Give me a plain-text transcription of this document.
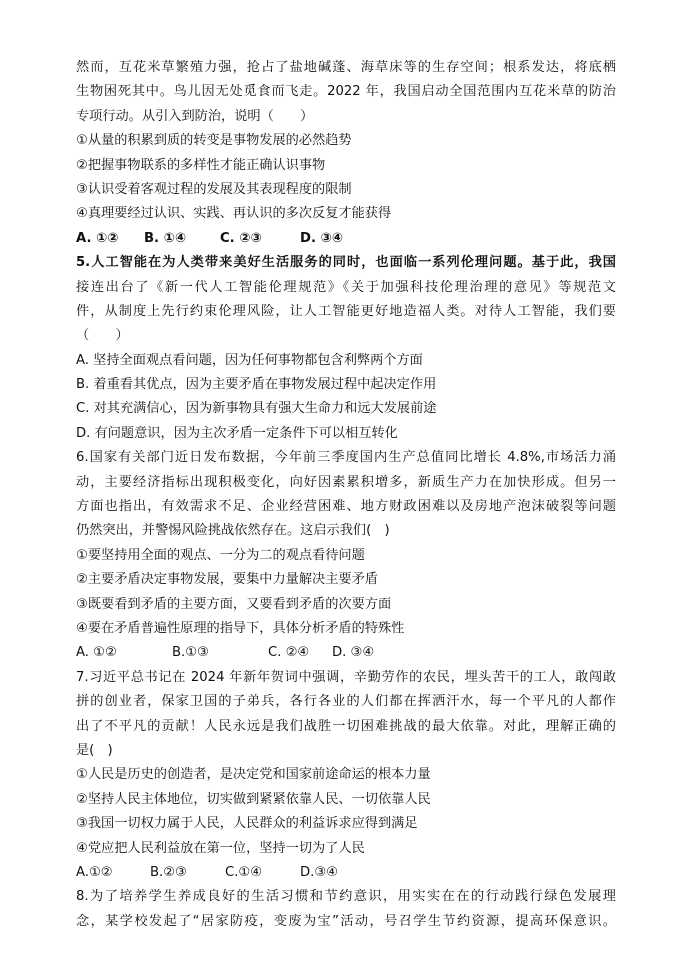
然而，互花米草繁殖力强，抢占了盐地碱蓬、海草床等的生存空间；根系发达，将底栖
生物困死其中。鸟儿因无处觅食而飞走。2022 年，我国启动全国范围内互花米草的防治
专项行动。从引入到防治，说明（　　）
①从量的积累到质的转变是事物发展的必然趋势
②把握事物联系的多样性才能正确认识事物
③认识受着客观过程的发展及其表现程度的限制
④真理要经过认识、实践、再认识的多次反复才能获得
A. ①② B. ①④	C. ②③	D. ③④
5.人工智能在为人类带来美好生活服务的同时，也面临一系列伦理问题。基于此，我国
接连出台了《新一代人工智能伦理规范》《关于加强科技伦理治理的意见》等规范文
件，从制度上先行约束伦理风险，让人工智能更好地造福人类。对待人工智能，我们要
（　　）
A. 坚持全面观点看问题，因为任何事物都包含利弊两个方面
B. 着重看其优点，因为主要矛盾在事物发展过程中起决定作用
C. 对其充满信心，因为新事物具有强大生命力和远大发展前途
D. 有问题意识，因为主次矛盾一定条件下可以相互转化
6.国家有关部门近日发布数据，今年前三季度国内生产总值同比增长 4.8%,市场活力涌
动，主要经济指标出现积极变化，向好因素累积增多，新质生产力在加快形成。但另一
方面也指出，有效需求不足、企业经营困难、地方财政困难以及房地产泡沫破裂等问题
仍然突出，并警惕风险挑战依然存在。这启示我们(　)
①要坚持用全面的观点、一分为二的观点看待问题
②主要矛盾决定事物发展，要集中力量解决主要矛盾
③既要看到矛盾的主要方面，又要看到矛盾的次要方面
④要在矛盾普遍性原理的指导下，具体分析矛盾的特殊性
A. ①②	B.①③	C. ②④ D. ③④
7.习近平总书记在 2024 年新年贺词中强调，辛勤劳作的农民，埋头苦干的工人，敢闯敢
拼的创业者，保家卫国的子弟兵，各行各业的人们都在挥洒汗水，每一个平凡的人都作
出了不平凡的贡献！人民永远是我们战胜一切困难挑战的最大依靠。对此，理解正确的
是(　)
①人民是历史的创造者，是决定党和国家前途命运的根本力量
②坚持人民主体地位，切实做到紧紧依靠人民、一切依靠人民
③我国一切权力属于人民，人民群众的利益诉求应得到满足
④党应把人民利益放在第一位，坚持一切为了人民
A.①②	B.②③	C.①④	D.③④
8.为了培养学生养成良好的生活习惯和节约意识，用实实在在的行动践行绿色发展理
念，某学校发起了“居家防疫，变废为宝”活动，号召学生节约资源，提高环保意识。
